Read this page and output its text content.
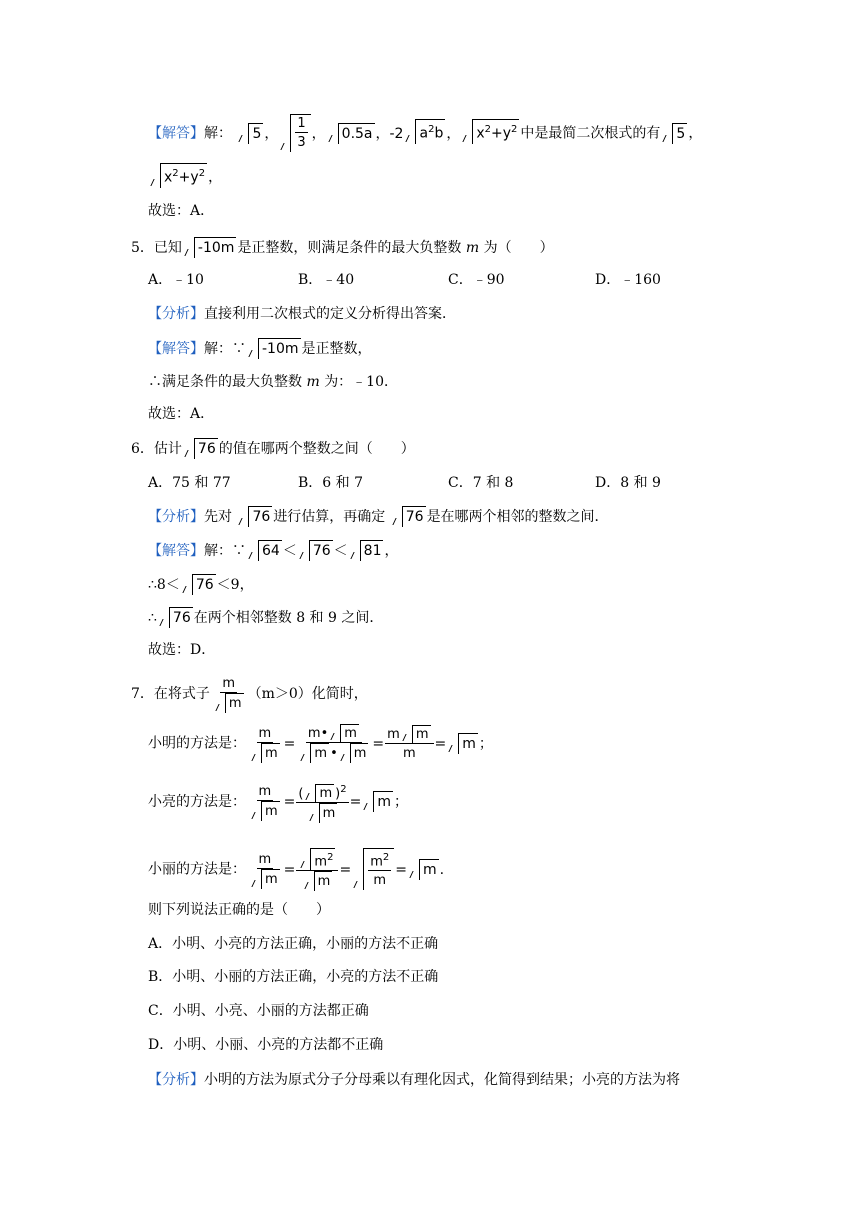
【解答】解： 5 ， $\frac{1}{3}$ ， 0.5a ，-2 $a^2b$ ， $x^2+y^2$ 中是最简二次根式的有 5 ，
$x^2+y^2$ ，
故选：A．
5．已知 -10m 是正整数，则满足条件的最大负整数 m 为（　　）
A．﹣10	B．﹣40	C．﹣90	D．﹣160
【分析】直接利用二次根式的定义分析得出答案．
【解答】解：∵ -10m 是正整数，
∴满足条件的最大负整数 m 为：﹣10．
故选：A．
6．估计 76 的值在哪两个整数之间（　　）
A．75 和 77	B．6 和 7	C．7 和 8	D．8 和 9
【分析】先对 76 进行估算，再确定 76 是在哪两个相邻的整数之间．
【解答】解：∵ 64 ＜ 76 ＜ 81 ，
∴8＜ 76 ＜9，
∴ 76 在两个相邻整数 8 和 9 之间．
故选：D．
7．在将式子 $\frac{m}{m} (m>0)$化简时，
小明的方法是： $\frac{m}{m} = \frac{m• m}{m • m} = \frac{\text{m m}}{m} = m$ ；
小亮的方法是： $\frac{m}{m} = \frac{( m )^2}{m} = m$ ；
小丽的方法是： $\frac{m}{m} = \frac{m^2}{m} = \frac{m^2}{m} = m$ .
则下列说法正确的是（　　）
A．小明、小亮的方法正确，小丽的方法不正确
B．小明、小丽的方法正确，小亮的方法不正确
C．小明、小亮、小丽的方法都正确
D．小明、小丽、小亮的方法都不正确
【分析】小明的方法为原式分子分母乘以有理化因式，化简得到结果；小亮的方法为将
